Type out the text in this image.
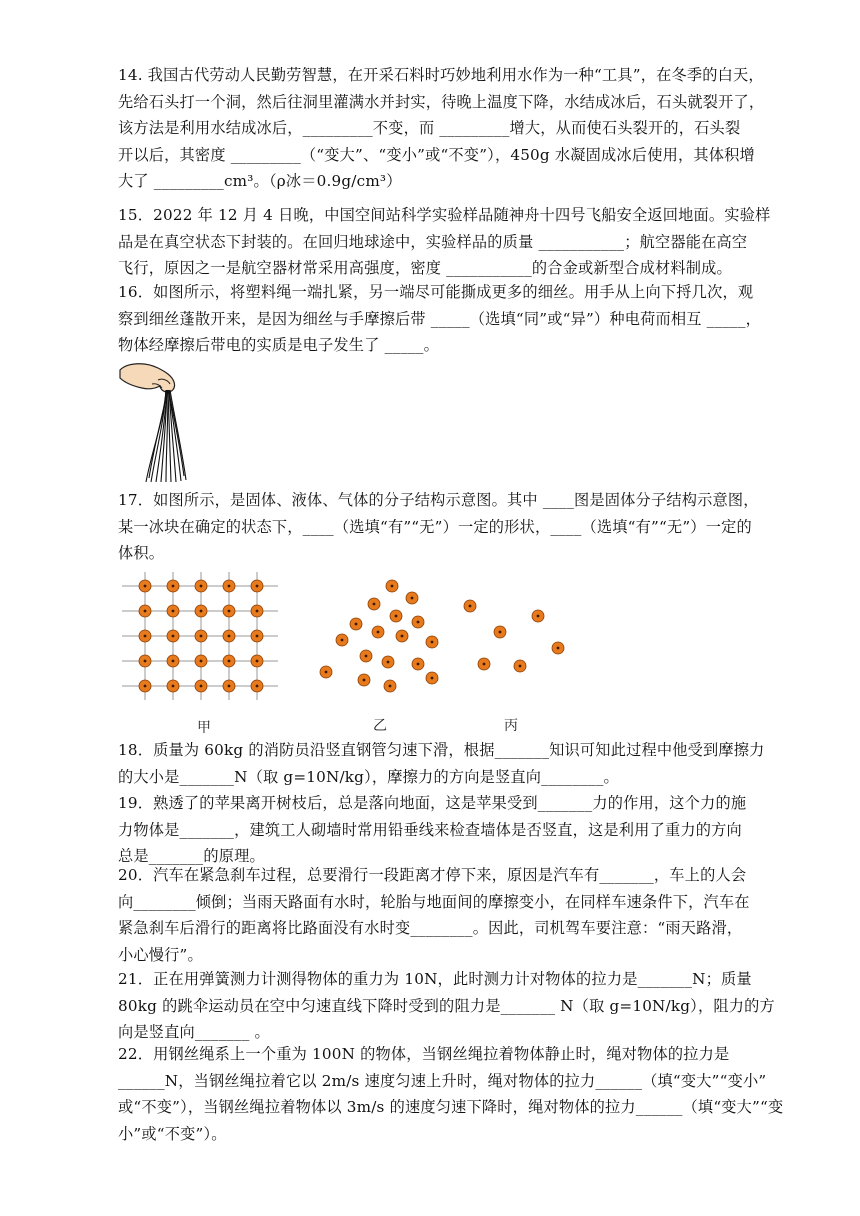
14. 我国古代劳动人民勤劳智慧，在开采石料时巧妙地利用水作为一种“工具”，在冬季的白天，
先给石头打一个洞，然后往洞里灌满水并封实，待晚上温度下降，水结成冰后，石头就裂开了，
该方法是利用水结成冰后，_________不变，而 _________增大，从而使石头裂开的，石头裂
开以后，其密度 _________（“变大”、“变小”或“不变”），450g 水凝固成冰后使用，其体积增
大了 _________cm³。（ρ冰＝0.9g/cm³）

15．2022 年 12 月 4 日晚，中国空间站科学实验样品随神舟十四号飞船安全返回地面。实验样
品是在真空状态下封装的。在回归地球途中，实验样品的质量 ___________；航空器能在高空
飞行，原因之一是航空器材常采用高强度，密度 ___________的合金或新型合成材料制成。

16．如图所示，将塑料绳一端扎紧，另一端尽可能撕成更多的细丝。用手从上向下捋几次，观
察到细丝蓬散开来，是因为细丝与手摩擦后带 _____（选填“同”或“异”）种电荷而相互 _____，
物体经摩擦后带电的实质是电子发生了 _____。

17．如图所示，是固体、液体、气体的分子结构示意图。其中 ____图是固体分子结构示意图，
某一冰块在确定的状态下，____（选填“有”“无”）一定的形状，____（选填“有”“无”）一定的
体积。

甲	乙	丙

18．质量为 60kg 的消防员沿竖直钢管匀速下滑，根据_______知识可知此过程中他受到摩擦力
的大小是_______N（取 g=10N/kg），摩擦力的方向是竖直向________。

19．熟透了的苹果离开树枝后，总是落向地面，这是苹果受到_______力的作用，这个力的施
力物体是_______，建筑工人砌墙时常用铅垂线来检查墙体是否竖直，这是利用了重力的方向
总是_______的原理。

20．汽车在紧急刹车过程，总要滑行一段距离才停下来，原因是汽车有_______，车上的人会
向________倾倒；当雨天路面有水时，轮胎与地面间的摩擦变小，在同样车速条件下，汽车在
紧急刹车后滑行的距离将比路面没有水时变________。因此，司机驾车要注意：“雨天路滑，
小心慢行”。

21．正在用弹簧测力计测得物体的重力为 10N，此时测力计对物体的拉力是_______N；质量
80kg 的跳伞运动员在空中匀速直线下降时受到的阻力是_______ N（取 g=10N/kg），阻力的方
向是竖直向_______ 。

22．用钢丝绳系上一个重为 100N 的物体，当钢丝绳拉着物体静止时，绳对物体的拉力是
______N，当钢丝绳拉着它以 2m/s 速度匀速上升时，绳对物体的拉力______（填“变大”“变小”
或“不变”），当钢丝绳拉着物体以 3m/s 的速度匀速下降时，绳对物体的拉力______（填“变大”“变
小”或“不变”）。
